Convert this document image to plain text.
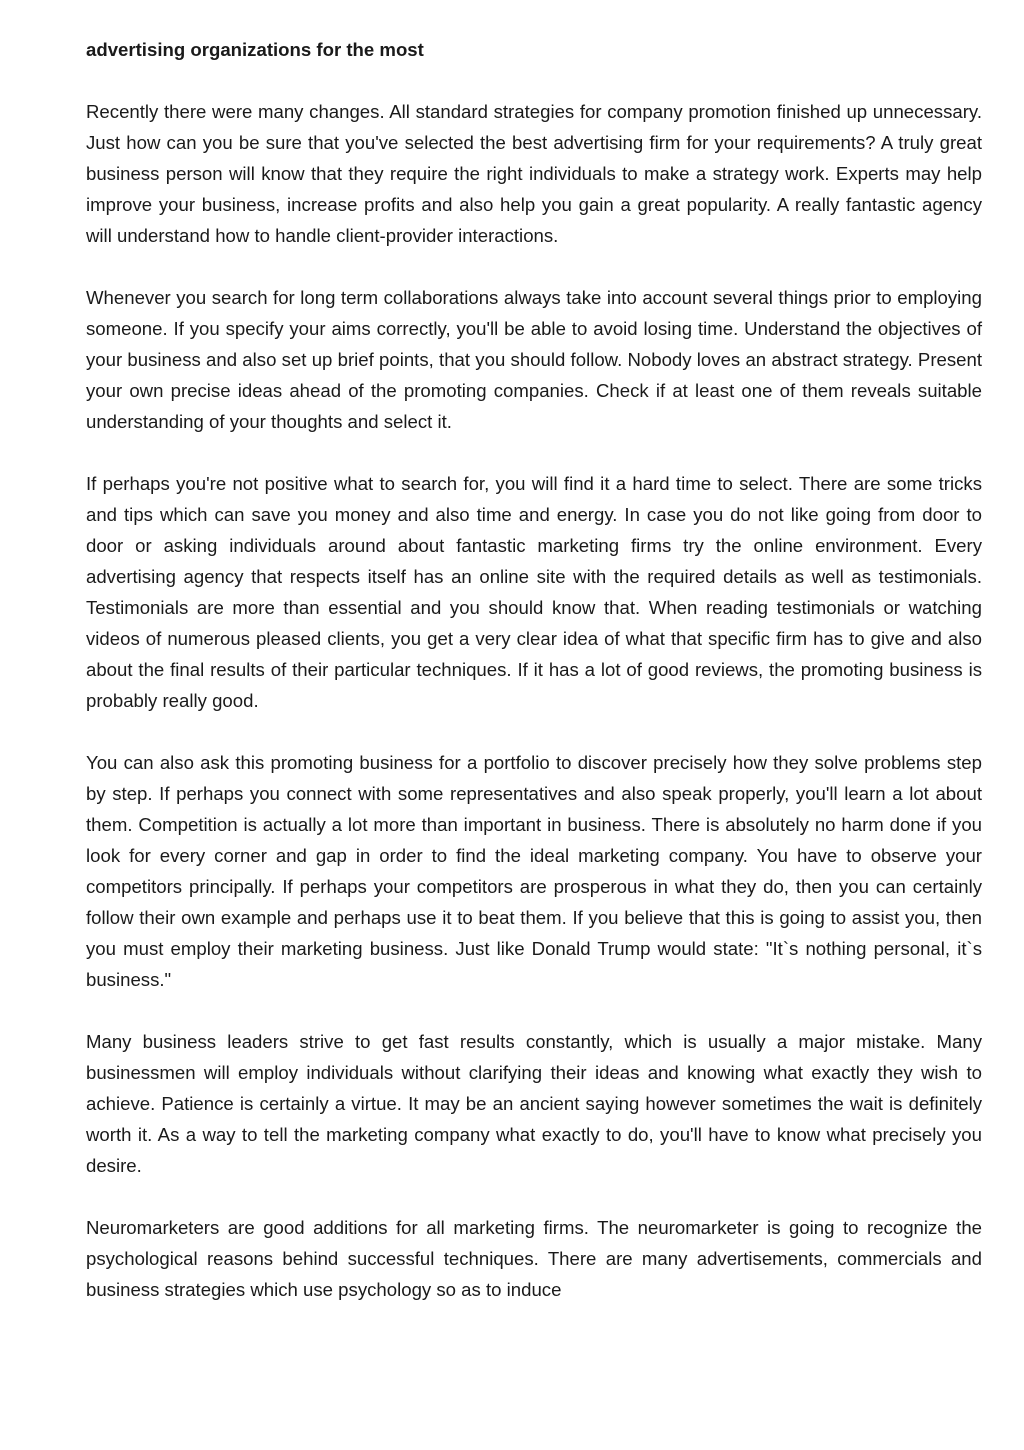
advertising organizations for the most

Recently there were many changes. All standard strategies for company promotion finished up unnecessary. Just how can you be sure that you've selected the best advertising firm for your requirements? A truly great business person will know that they require the right individuals to make a strategy work. Experts may help improve your business, increase profits and also help you gain a great popularity. A really fantastic agency will understand how to handle client-provider interactions.

Whenever you search for long term collaborations always take into account several things prior to employing someone. If you specify your aims correctly, you'll be able to avoid losing time. Understand the objectives of your business and also set up brief points, that you should follow. Nobody loves an abstract strategy. Present your own precise ideas ahead of the promoting companies. Check if at least one of them reveals suitable understanding of your thoughts and select it.

If perhaps you're not positive what to search for, you will find it a hard time to select. There are some tricks and tips which can save you money and also time and energy. In case you do not like going from door to door or asking individuals around about fantastic marketing firms try the online environment. Every advertising agency that respects itself has an online site with the required details as well as testimonials. Testimonials are more than essential and you should know that. When reading testimonials or watching videos of numerous pleased clients, you get a very clear idea of what that specific firm has to give and also about the final results of their particular techniques. If it has a lot of good reviews, the promoting business is probably really good.

You can also ask this promoting business for a portfolio to discover precisely how they solve problems step by step. If perhaps you connect with some representatives and also speak properly, you'll learn a lot about them. Competition is actually a lot more than important in business. There is absolutely no harm done if you look for every corner and gap in order to find the ideal marketing company. You have to observe your competitors principally. If perhaps your competitors are prosperous in what they do, then you can certainly follow their own example and perhaps use it to beat them. If you believe that this is going to assist you, then you must employ their marketing business. Just like Donald Trump would state: "It`s nothing personal, it`s business."

Many business leaders strive to get fast results constantly, which is usually a major mistake. Many businessmen will employ individuals without clarifying their ideas and knowing what exactly they wish to achieve. Patience is certainly a virtue. It may be an ancient saying however sometimes the wait is definitely worth it. As a way to tell the marketing company what exactly to do, you'll have to know what precisely you desire.

Neuromarketers are good additions for all marketing firms. The neuromarketer is going to recognize the psychological reasons behind successful techniques. There are many advertisements, commercials and business strategies which use psychology so as to induce
